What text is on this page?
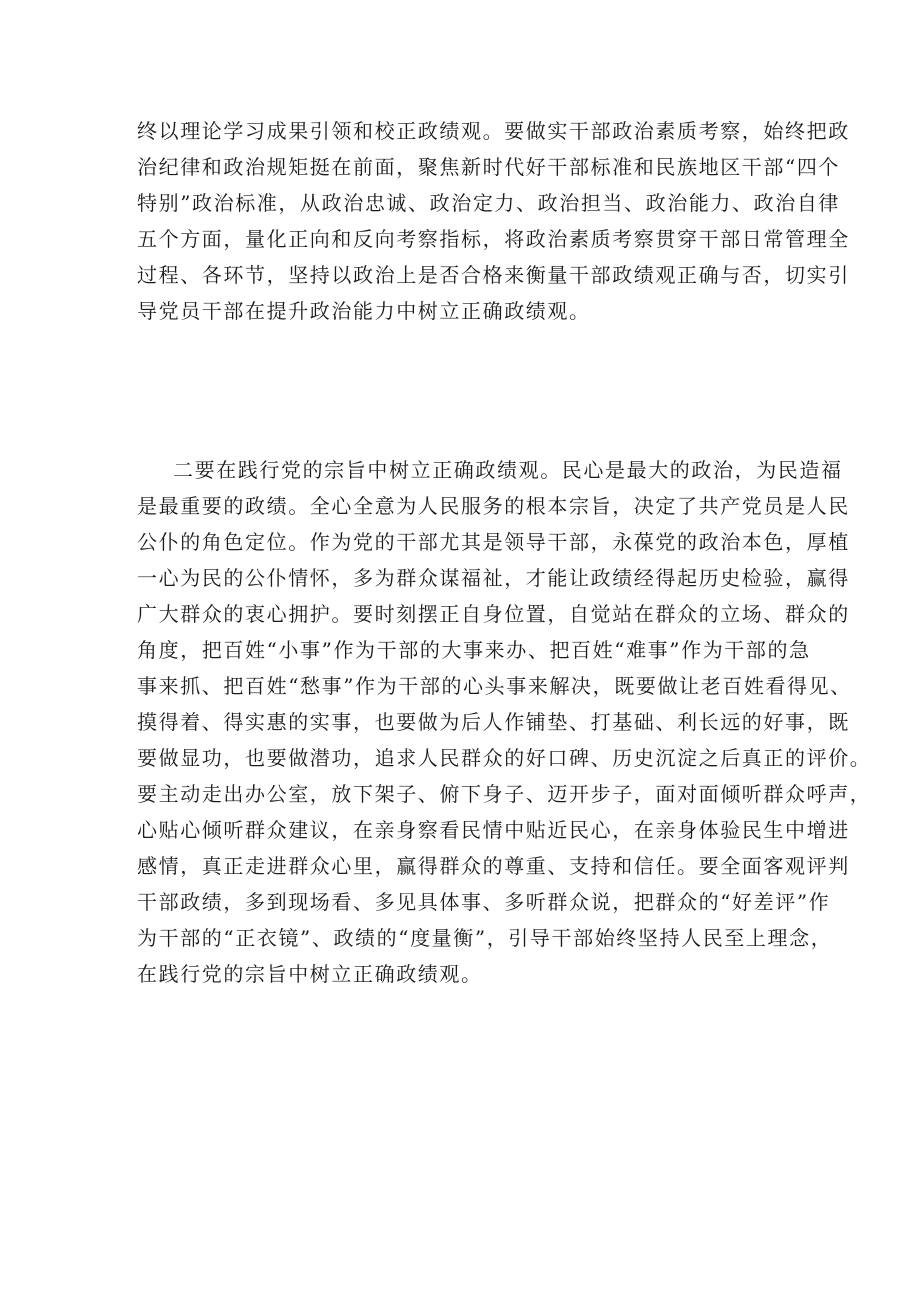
终以理论学习成果引领和校正政绩观。要做实干部政治素质考察，始终把政
治纪律和政治规矩挺在前面，聚焦新时代好干部标准和民族地区干部“四个
特别”政治标准，从政治忠诚、政治定力、政治担当、政治能力、政治自律
五个方面，量化正向和反向考察指标，将政治素质考察贯穿干部日常管理全
过程、各环节，坚持以政治上是否合格来衡量干部政绩观正确与否，切实引
导党员干部在提升政治能力中树立正确政绩观。
二要在践行党的宗旨中树立正确政绩观。民心是最大的政治，为民造福
是最重要的政绩。全心全意为人民服务的根本宗旨，决定了共产党员是人民
公仆的角色定位。作为党的干部尤其是领导干部，永葆党的政治本色，厚植
一心为民的公仆情怀，多为群众谋福祉，才能让政绩经得起历史检验，赢得
广大群众的衷心拥护。要时刻摆正自身位置，自觉站在群众的立场、群众的
角度，把百姓“小事”作为干部的大事来办、把百姓“难事”作为干部的急
事来抓、把百姓“愁事”作为干部的心头事来解决，既要做让老百姓看得见、
摸得着、得实惠的实事，也要做为后人作铺垫、打基础、利长远的好事，既
要做显功，也要做潜功，追求人民群众的好口碑、历史沉淀之后真正的评价。
要主动走出办公室，放下架子、俯下身子、迈开步子，面对面倾听群众呼声，
心贴心倾听群众建议，在亲身察看民情中贴近民心，在亲身体验民生中增进
感情，真正走进群众心里，赢得群众的尊重、支持和信任。要全面客观评判
干部政绩，多到现场看、多见具体事、多听群众说，把群众的“好差评”作
为干部的“正衣镜”、政绩的“度量衡”，引导干部始终坚持人民至上理念，
在践行党的宗旨中树立正确政绩观。
